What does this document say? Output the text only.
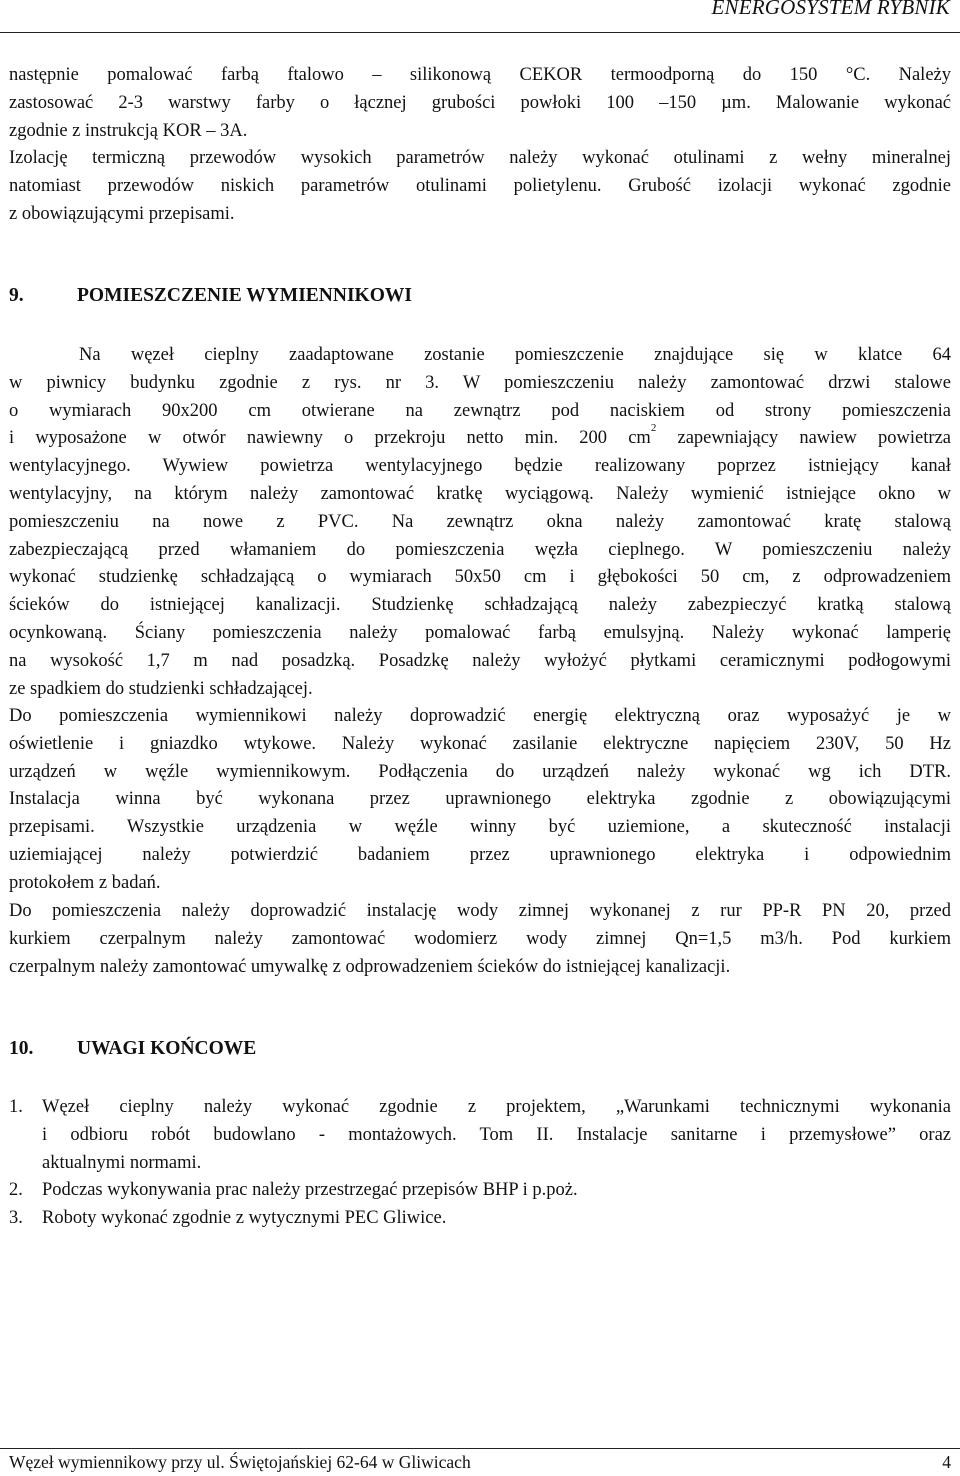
ENERGOSYSTEM RYBNIK
następnie pomalować farbą ftalowo – silikonową CEKOR termoodporną do 150 °C. Należy
zastosować 2-3 warstwy farby o łącznej grubości powłoki 100 –150 µm. Malowanie wykonać
zgodnie z instrukcją KOR – 3A.
Izolację termiczną przewodów wysokich parametrów należy wykonać otulinami z wełny mineralnej
natomiast przewodów niskich parametrów otulinami polietylenu. Grubość izolacji wykonać zgodnie
z obowiązującymi przepisami.
9.	POMIESZCZENIE WYMIENNIKOWI
Na węzeł cieplny zaadaptowane zostanie pomieszczenie znajdujące się w klatce 64
w piwnicy budynku zgodnie z rys. nr 3. W pomieszczeniu należy zamontować drzwi stalowe
o wymiarach 90x200 cm otwierane na zewnątrz pod naciskiem od strony pomieszczenia
i wyposażone w otwór nawiewny o przekroju netto min. 200 $cm^2$ zapewniający nawiew powietrza
wentylacyjnego. Wywiew powietrza wentylacyjnego będzie realizowany poprzez istniejący kanał
wentylacyjny, na którym należy zamontować kratkę wyciągową. Należy wymienić istniejące okno w
pomieszczeniu na nowe z PVC. Na zewnątrz okna należy zamontować kratę stalową
zabezpieczającą przed włamaniem do pomieszczenia węzła cieplnego. W pomieszczeniu należy
wykonać studzienkę schładzającą o wymiarach 50x50 cm i głębokości 50 cm, z odprowadzeniem
ścieków do istniejącej kanalizacji. Studzienkę schładzającą należy zabezpieczyć kratką stalową
ocynkowaną. Ściany pomieszczenia należy pomalować farbą emulsyjną. Należy wykonać lamperię
na wysokość 1,7 m nad posadzką. Posadzkę należy wyłożyć płytkami ceramicznymi podłogowymi
ze spadkiem do studzienki schładzającej.
Do pomieszczenia wymiennikowi należy doprowadzić energię elektryczną oraz wyposażyć je w
oświetlenie i gniazdko wtykowe. Należy wykonać zasilanie elektryczne napięciem 230V, 50 Hz
urządzeń w węźle wymiennikowym. Podłączenia do urządzeń należy wykonać wg ich DTR.
Instalacja winna być wykonana przez uprawnionego elektryka zgodnie z obowiązującymi
przepisami. Wszystkie urządzenia w węźle winny być uziemione, a skuteczność instalacji
uziemiającej należy potwierdzić badaniem przez uprawnionego elektryka i odpowiednim
protokołem z badań.
Do pomieszczenia należy doprowadzić instalację wody zimnej wykonanej z rur PP-R PN 20, przed
kurkiem czerpalnym należy zamontować wodomierz wody zimnej Qn=1,5 m3/h. Pod kurkiem
czerpalnym należy zamontować umywalkę z odprowadzeniem ścieków do istniejącej kanalizacji.
10. UWAGI KOŃCOWE
1. Węzeł cieplny należy wykonać zgodnie z projektem, „Warunkami technicznymi wykonania
i odbioru robót budowlano - montażowych. Tom II. Instalacje sanitarne i przemysłowe” oraz
aktualnymi normami.
2. Podczas wykonywania prac należy przestrzegać przepisów BHP i p.poż.
3. Roboty wykonać zgodnie z wytycznymi PEC Gliwice.
Węzeł wymiennikowy przy ul. Świętojańskiej 62-64 w Gliwicach	4
